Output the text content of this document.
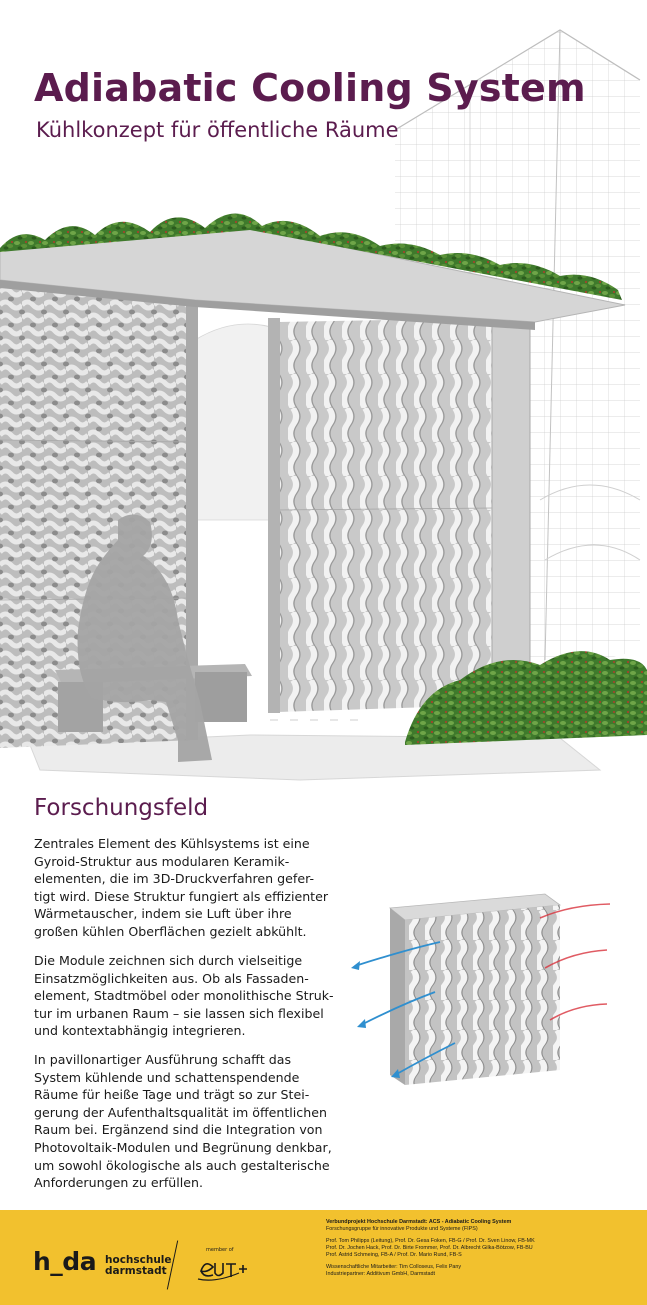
Adiabatic Cooling System
Kühlkonzept für öffentliche Räume
Forschungsfeld

Zentrales Element des Kühlsystems ist eine Gyroid-Struktur aus modularen Keramik-elementen, die im 3D-Druckverfahren gefer-tigt wird. Diese Struktur fungiert als effizienter Wärmetauscher, indem sie Luft über ihre großen kühlen Oberflächen gezielt abkühlt.

Die Module zeichnen sich durch vielseitige Einsatzmöglichkeiten aus. Ob als Fassaden-element, Stadtmöbel oder monolithische Struk-tur im urbanen Raum – sie lassen sich flexibel und kontextabhängig integrieren.

In pavillonartiger Ausführung schafft das System kühlende und schattenspendende Räume für heiße Tage und trägt so zur Stei-gerung der Aufenthaltsqualität im öffentlichen Raum bei. Ergänzend sind die Integration von Photovoltaik-Modulen und Begrünung denkbar, um sowohl ökologische als auch gestalterische Anforderungen zu erfüllen.

h_da hochschule
darmstadt
member of
Verbundprojekt Hochschule Darmstadt: ACS - Adiabatic Cooling System
Forschungsgruppe für innovative Produkte und Systeme (FIPS)
Prof. Tom Philipps (Leitung), Prof. Dr. Gesa Foken, FB-G / Prof. Dr. Sven Linow, FB-MK
Prof. Dr. Jochen Hack, Prof. Dr. Birte Frommer, Prof. Dr. Albrecht Gilka-Bötzow, FB-BU
Prof. Astrid Schmeing, FB-A / Prof. Dr. Mario Rund, FB-S
Wissenschaftliche Mitarbeiter: Tim Colloseus, Felix Pany
Industriepartner: Additivum GmbH, Darmstadt
